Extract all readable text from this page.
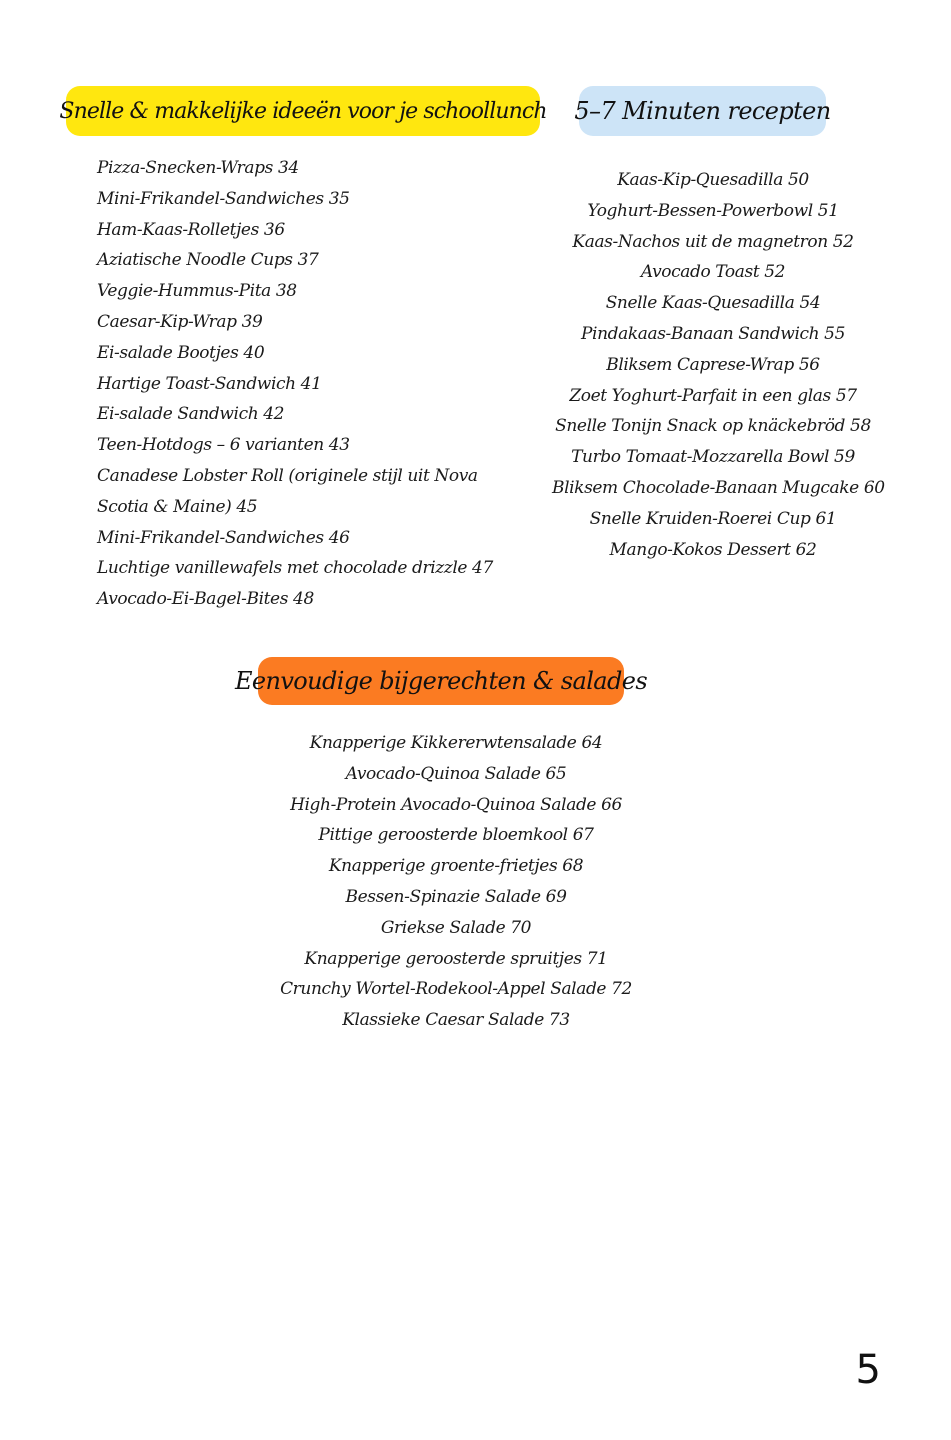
Snelle & makkelijke ideeën voor je schoollunch 5–7 Minuten recepten
Eenvoudige bijgerechten & salades
Pizza-Snecken-Wraps 34
Mini-Frikandel-Sandwiches 35
Ham-Kaas-Rolletjes 36
Aziatische Noodle Cups 37
Veggie-Hummus-Pita 38
Caesar-Kip-Wrap 39
Ei-salade Bootjes 40
Hartige Toast-Sandwich 41
Ei-salade Sandwich 42
Teen-Hotdogs – 6 varianten 43
Canadese Lobster Roll (originele stijl uit Nova Scotia & Maine) 45
Mini-Frikandel-Sandwiches 46
Luchtige vanillewafels met chocolade drizzle 47
Avocado-Ei-Bagel-Bites 48
Kaas-Kip-Quesadilla 50
Yoghurt-Bessen-Powerbowl 51
Kaas-Nachos uit de magnetron 52
Avocado Toast 52
Snelle Kaas-Quesadilla 54
Pindakaas-Banaan Sandwich 55
Bliksem Caprese-Wrap 56
Zoet Yoghurt-Parfait in een glas 57
Snelle Tonijn Snack op knäckebröd 58
Turbo Tomaat-Mozzarella Bowl 59
Bliksem Chocolade-Banaan Mugcake 60
Snelle Kruiden-Roerei Cup 61
Mango-Kokos Dessert 62
Knapperige Kikkererwtensalade 64
Avocado-Quinoa Salade 65
High-Protein Avocado-Quinoa Salade 66
Pittige geroosterde bloemkool 67
Knapperige groente-frietjes 68
Bessen-Spinazie Salade 69
Griekse Salade 70
Knapperige geroosterde spruitjes 71
Crunchy Wortel-Rodekool-Appel Salade 72
Klassieke Caesar Salade 73
5
